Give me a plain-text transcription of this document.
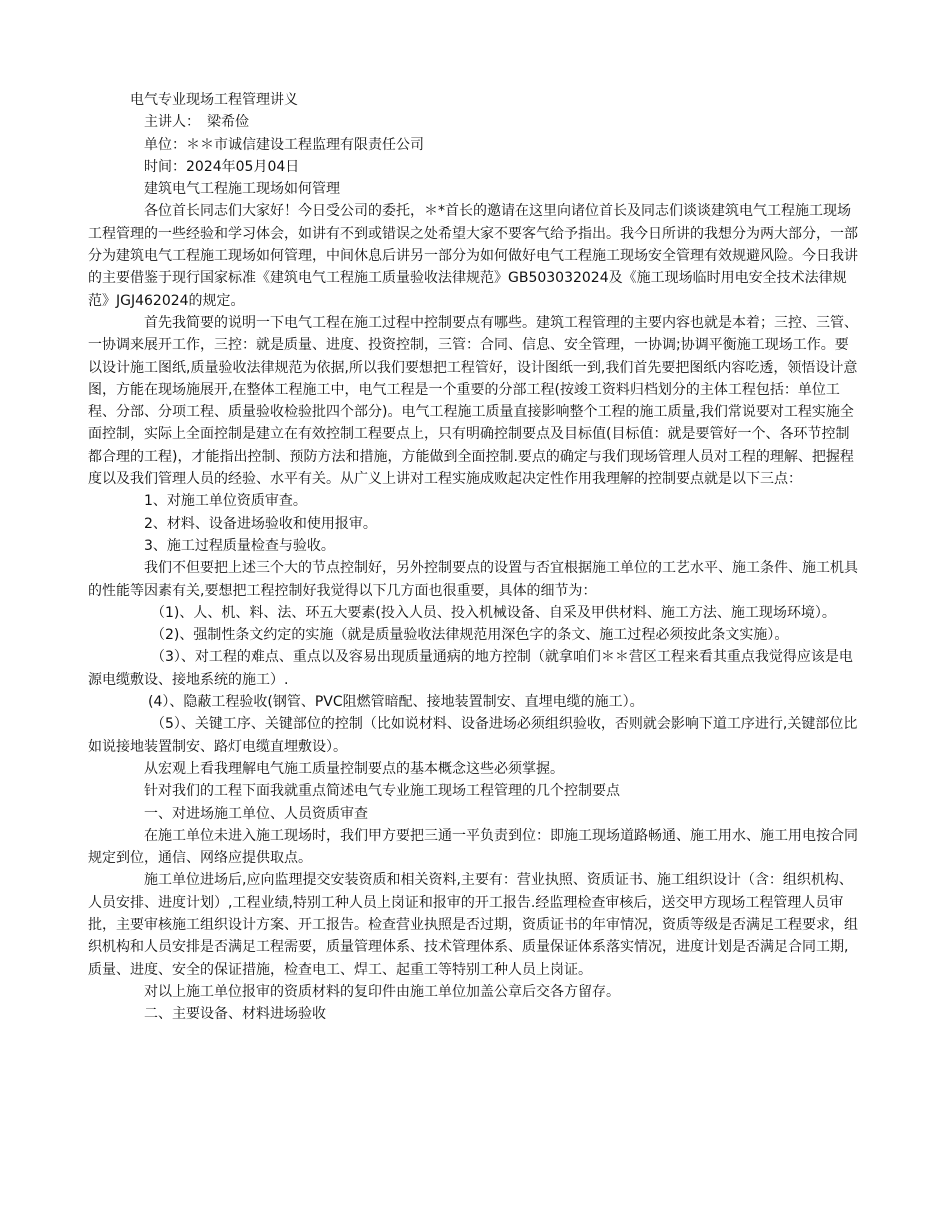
电气专业现场工程管理讲义

主讲人：　梁希俭

单位：＊＊市诚信建设工程监理有限责任公司

时间：2024年05月04日

建筑电气工程施工现场如何管理

各位首长同志们大家好！今日受公司的委托，＊*首长的邀请在这里向诸位首长及同志们谈谈建筑电气工程施工现场工程管理的一些经验和学习体会，如讲有不到或错误之处希望大家不要客气给予指出。我今日所讲的我想分为两大部分，一部分为建筑电气工程施工现场如何管理，中间休息后讲另一部分为如何做好电气工程施工现场安全管理有效规避风险。今日我讲的主要借鉴于现行国家标准《建筑电气工程施工质量验收法律规范》GB503032024及《施工现场临时用电安全技术法律规范》JGJ462024的规定。

首先我简要的说明一下电气工程在施工过程中控制要点有哪些。建筑工程管理的主要内容也就是本着；三控、三管、一协调来展开工作，三控：就是质量、进度、投资控制，三管：合同、信息、安全管理，一协调;协调平衡施工现场工作。要以设计施工图纸,质量验收法律规范为依据,所以我们要想把工程管好，设计图纸一到,我们首先要把图纸内容吃透，领悟设计意图，方能在现场施展开,在整体工程施工中，电气工程是一个重要的分部工程(按竣工资料归档划分的主体工程包括：单位工程、分部、分项工程、质量验收检验批四个部分)。电气工程施工质量直接影响整个工程的施工质量,我们常说要对工程实施全面控制，实际上全面控制是建立在有效控制工程要点上，只有明确控制要点及目标值(目标值：就是要管好一个、各环节控制都合理的工程)，才能指出控制、预防方法和措施，方能做到全面控制.要点的确定与我们现场管理人员对工程的理解、把握程度以及我们管理人员的经验、水平有关。从广义上讲对工程实施成败起决定性作用我理解的控制要点就是以下三点：

1、对施工单位资质审查。

2、材料、设备进场验收和使用报审。

3、施工过程质量检查与验收。

我们不但要把上述三个大的节点控制好，另外控制要点的设置与否宜根据施工单位的工艺水平、施工条件、施工机具的性能等因素有关,要想把工程控制好我觉得以下几方面也很重要，具体的细节为：

（1)、人、机、料、法、环五大要素(投入人员、投入机械设备、自采及甲供材料、施工方法、施工现场环境）。

（2)、强制性条文约定的实施（就是质量验收法律规范用深色字的条文、施工过程必须按此条文实施）。

（3）、对工程的难点、重点以及容易出现质量通病的地方控制（就拿咱们＊＊营区工程来看其重点我觉得应该是电源电缆敷设、接地系统的施工）.

(4）、隐蔽工程验收(钢管、PVC阻燃管暗配、接地装置制安、直埋电缆的施工）。

（5）、关键工序、关键部位的控制（比如说材料、设备进场必须组织验收，否则就会影响下道工序进行,关键部位比如说接地装置制安、路灯电缆直埋敷设）。

从宏观上看我理解电气施工质量控制要点的基本概念这些必须掌握。

针对我们的工程下面我就重点简述电气专业施工现场工程管理的几个控制要点

一、对进场施工单位、人员资质审查

在施工单位未进入施工现场时，我们甲方要把三通一平负责到位：即施工现场道路畅通、施工用水、施工用电按合同规定到位，通信、网络应提供取点。

施工单位进场后,应向监理提交安装资质和相关资料,主要有：营业执照、资质证书、施工组织设计（含：组织机构、人员安排、进度计划）,工程业绩,特别工种人员上岗证和报审的开工报告.经监理检查审核后，送交甲方现场工程管理人员审批，主要审核施工组织设计方案、开工报告。检查营业执照是否过期，资质证书的年审情况，资质等级是否满足工程要求，组织机构和人员安排是否满足工程需要，质量管理体系、技术管理体系、质量保证体系落实情况，进度计划是否满足合同工期,质量、进度、安全的保证措施，检查电工、焊工、起重工等特别工种人员上岗证。

对以上施工单位报审的资质材料的复印件由施工单位加盖公章后交各方留存。

二、主要设备、材料进场验收
